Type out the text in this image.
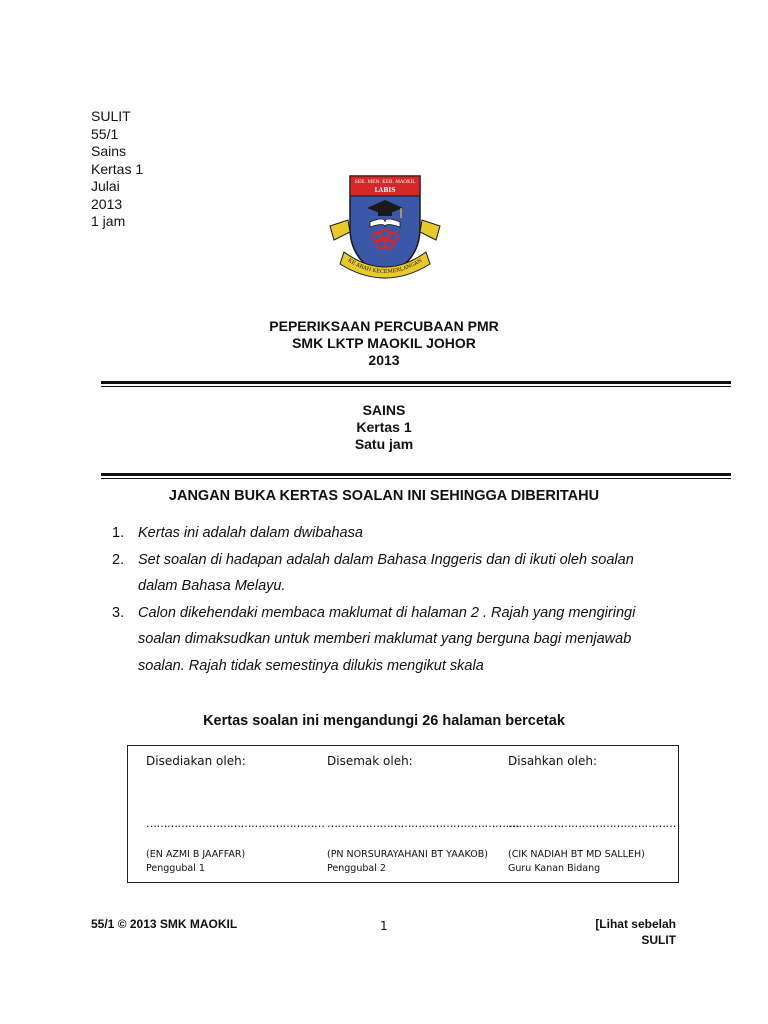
SULIT
55/1
Sains
Kertas 1
Julai
2013
1 jam
SEK. MEN. KEB. MAOKIL
LABIS
KE ARAH KECEMERLANGAN
PEPERIKSAAN PERCUBAAN PMR
SMK LKTP MAOKIL JOHOR
2013
SAINS
Kertas 1
Satu jam
JANGAN BUKA KERTAS SOALAN INI SEHINGGA DIBERITAHU
1. Kertas ini adalah dalam dwibahasa
2. Set soalan di hadapan adalah dalam Bahasa Inggeris dan di ikuti oleh soalan
dalam Bahasa Melayu.
3. Calon dikehendaki membaca maklumat di halaman 2 . Rajah yang mengiringi
soalan dimaksudkan untuk memberi maklumat yang berguna bagi menjawab
soalan. Rajah tidak semestinya dilukis mengikut skala
Kertas soalan ini mengandungi 26 halaman bercetak
Disediakan oleh:
……………………………………………
(EN AZMI B JAAFFAR)
Penggubal 1
Disemak oleh:
……………………………………………….
(PN NORSURAYAHANI BT YAAKOB)
Penggubal 2
Disahkan oleh:
…………………………………………
(CIK NADIAH BT MD SALLEH)
Guru Kanan Bidang
55/1 © 2013 SMK MAOKIL	1	[Lihat sebelah
SULIT
